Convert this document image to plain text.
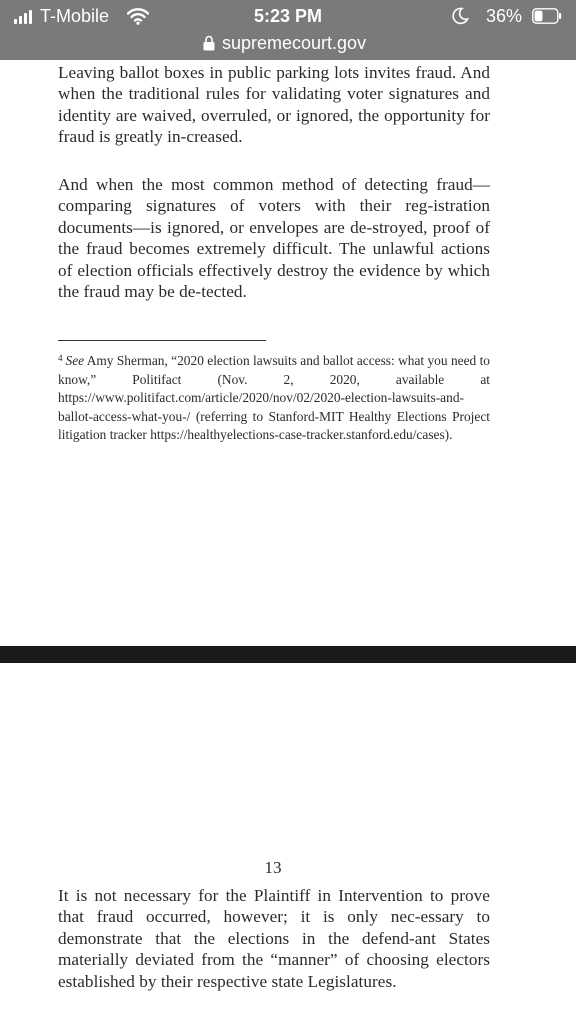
T-Mobile	5:23 PM	36%
supremecourt.gov

Leaving ballot boxes in public parking lots invites fraud. And when the traditional rules for validating voter signatures and identity are waived, overruled, or ignored, the opportunity for fraud is greatly in-creased.

And when the most common method of detecting fraud—comparing signatures of voters with their reg-istration documents—is ignored, or envelopes are de-stroyed, proof of the fraud becomes extremely difficult. The unlawful actions of election officials effectively destroy the evidence by which the fraud may be de-tected.

$^4$ See Amy Sherman, “2020 election lawsuits and ballot access: what you need to know,” Politifact (Nov. 2, 2020, available at https://www.politifact.com/article/2020/nov/02/2020-election-lawsuits-and-ballot-access-what-you-/ (referring to Stanford-MIT Healthy Elections Project litigation tracker https://healthyelections-case-tracker.stanford.edu/cases).

13

It is not necessary for the Plaintiff in Intervention to prove that fraud occurred, however; it is only nec-essary to demonstrate that the elections in the defend-ant States materially deviated from the “manner” of choosing electors established by their respective state Legislatures.
